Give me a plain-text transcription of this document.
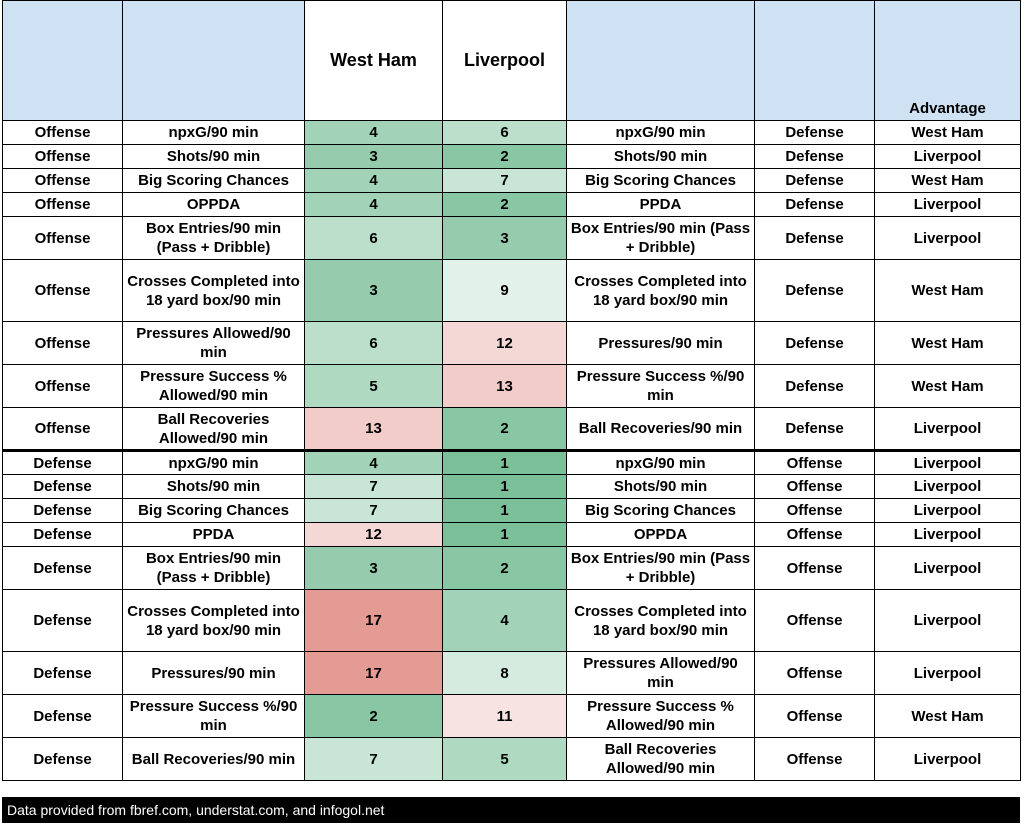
		West Ham	Liverpool			Advantage
Offense	npxG/90 min	4	6	npxG/90 min	Defense	West Ham
Offense	Shots/90 min	3	2	Shots/90 min	Defense	Liverpool
Offense	Big Scoring Chances	4	7	Big Scoring Chances	Defense	West Ham
Offense	OPPDA	4	2	PPDA	Defense	Liverpool
Offense	Box Entries/90 min (Pass + Dribble)	6	3	Box Entries/90 min (Pass + Dribble)	Defense	Liverpool
Offense	Crosses Completed into 18 yard box/90 min	3	9	Crosses Completed into 18 yard box/90 min	Defense	West Ham
Offense	Pressures Allowed/90 min	6	12	Pressures/90 min	Defense	West Ham
Offense	Pressure Success % Allowed/90 min	5	13	Pressure Success %/90 min	Defense	West Ham
Offense	Ball Recoveries Allowed/90 min	13	2	Ball Recoveries/90 min	Defense	Liverpool
Defense	npxG/90 min	4	1	npxG/90 min	Offense	Liverpool
Defense	Shots/90 min	7	1	Shots/90 min	Offense	Liverpool
Defense	Big Scoring Chances	7	1	Big Scoring Chances	Offense	Liverpool
Defense	PPDA	12	1	OPPDA	Offense	Liverpool
Defense	Box Entries/90 min (Pass + Dribble)	3	2	Box Entries/90 min (Pass + Dribble)	Offense	Liverpool
Defense	Crosses Completed into 18 yard box/90 min	17	4	Crosses Completed into 18 yard box/90 min	Offense	Liverpool
Defense	Pressures/90 min	17	8	Pressures Allowed/90 min	Offense	Liverpool
Defense	Pressure Success %/90 min	2	11	Pressure Success % Allowed/90 min	Offense	West Ham
Defense	Ball Recoveries/90 min	7	5	Ball Recoveries Allowed/90 min	Offense	Liverpool
Data provided from fbref.com, understat.com, and infogol.net
